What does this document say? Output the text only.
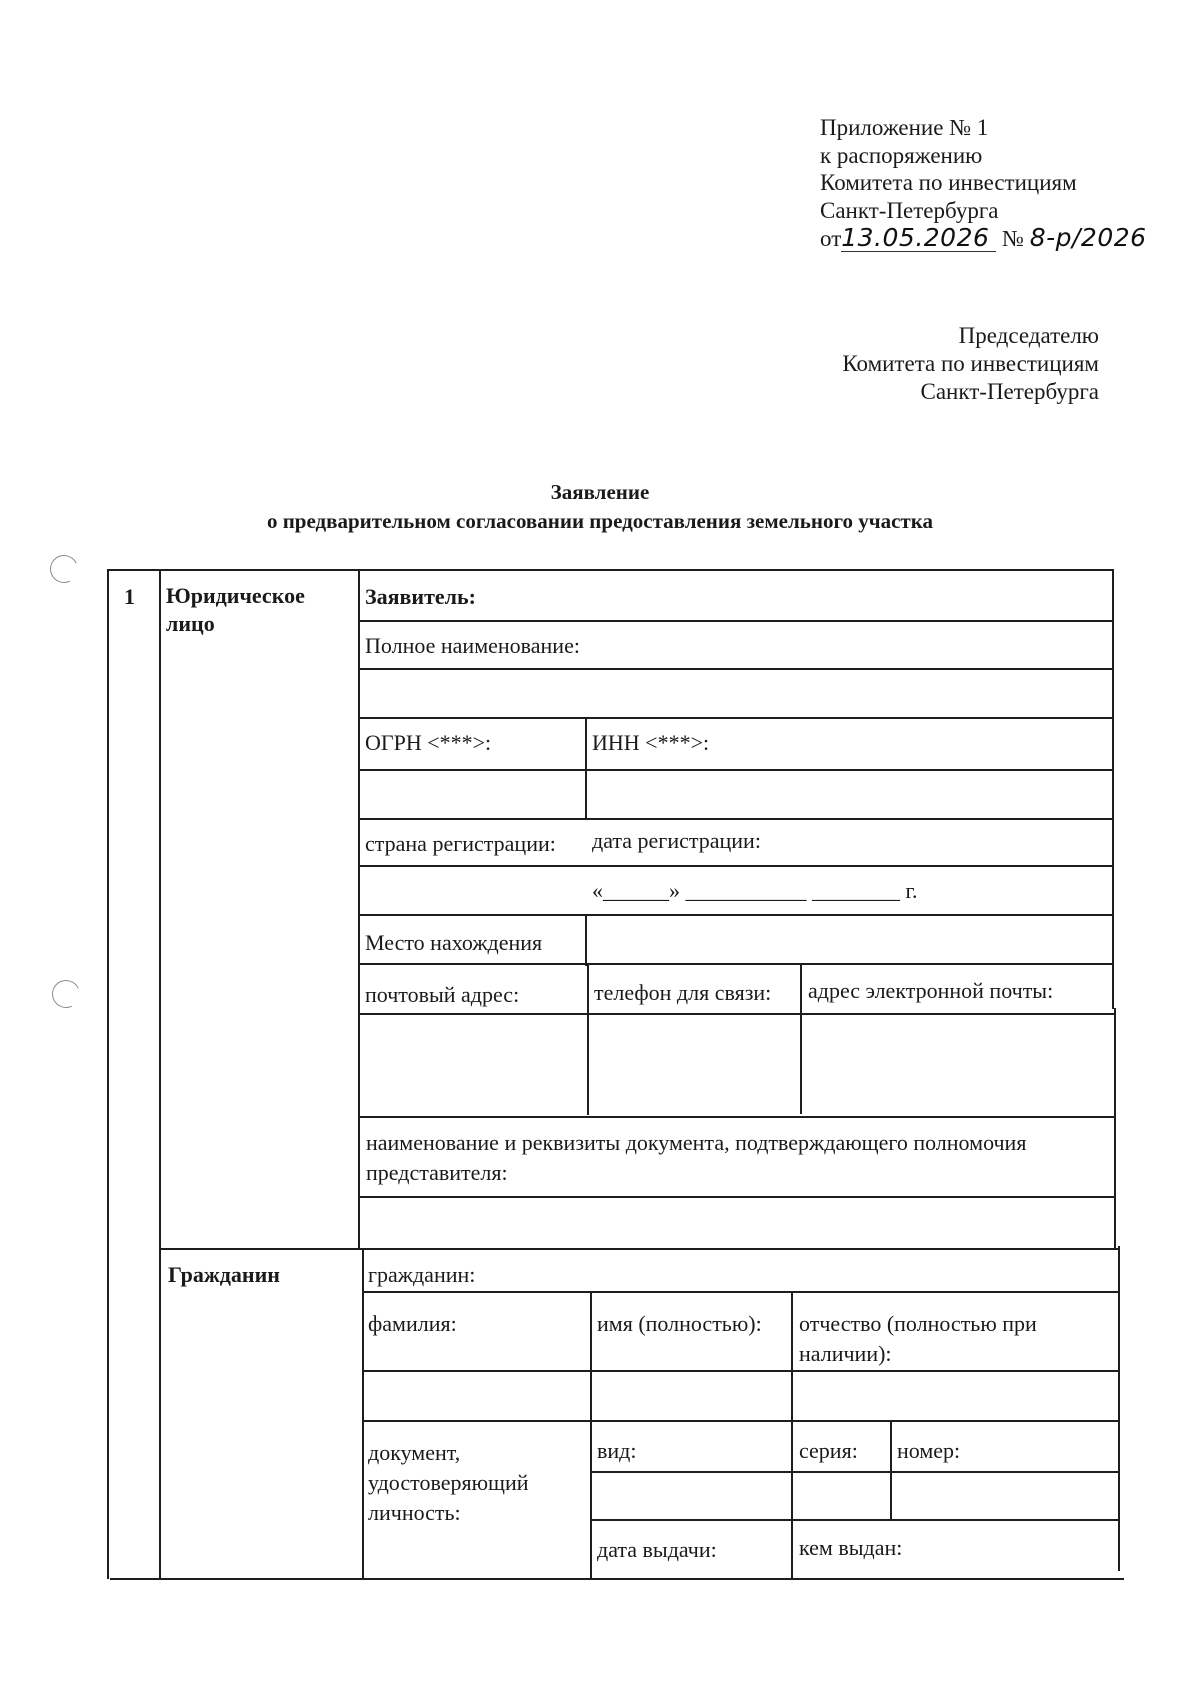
Приложение № 1
к распоряжению
Комитета по инвестициям
Санкт-Петербурга
от13.05.2026 № 8-р/2026
Председателю
Комитета по инвестициям
Санкт-Петербурга
Заявление
о предварительном согласовании предоставления земельного участка
1 Юридическое лицо
Заявитель:
Полное наименование:
ОГРН <***>:	ИНН <***>:
страна регистрации: дата регистрации:
«______» ___________ ________ г.
Место нахождения
почтовый адрес:	телефон для связи: адрес электронной почты:
наименование и реквизиты документа, подтверждающего полномочия представителя:
Гражданин	гражданин:
фамилия:	имя (полностью): отчество (полностью при наличии):
документ, удостоверяющий личность:
вид:	серия: номер:
дата выдачи:	кем выдан:
